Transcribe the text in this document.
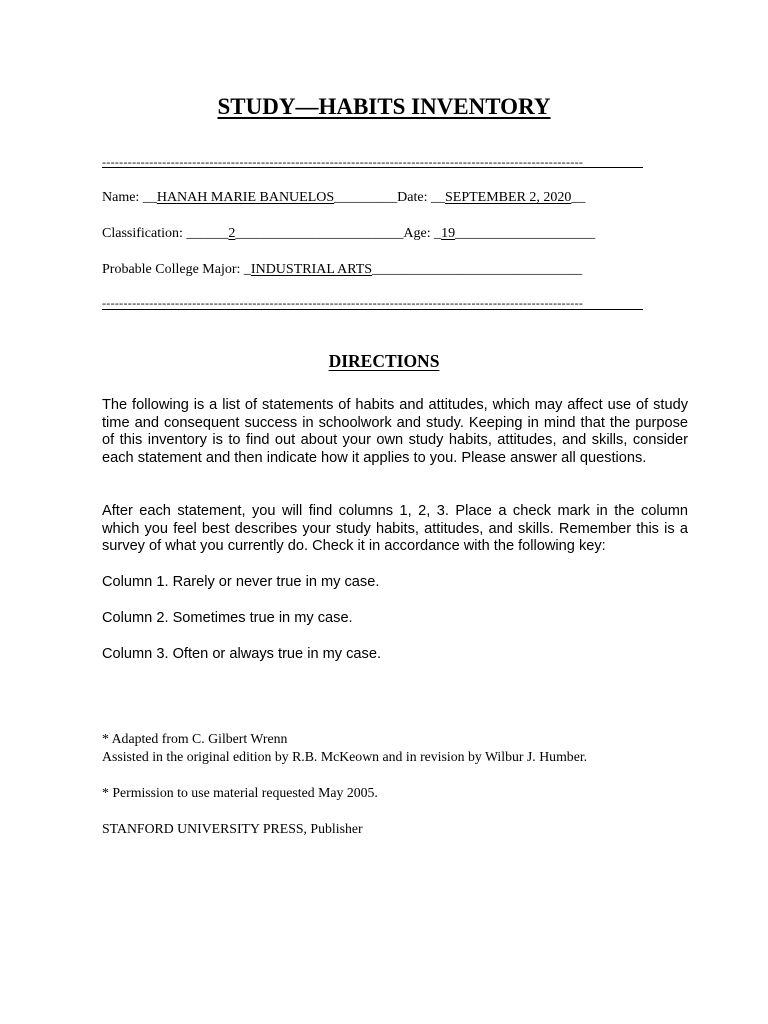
STUDY—HABITS INVENTORY
----------------------------------------------------------------------------------------------------------------
Name: __HANAH MARIE BANUELOS_________Date: __SEPTEMBER 2, 2020__
Classification: ______2________________________Age: _19____________________
Probable College Major: _INDUSTRIAL ARTS______________________________
----------------------------------------------------------------------------------------------------------------
DIRECTIONS
The following is a list of statements of habits and attitudes, which may affect use of study time and consequent success in schoolwork and study. Keeping in mind that the purpose of this inventory is to find out about your own study habits, attitudes, and skills, consider each statement and then indicate how it applies to you. Please answer all questions.
After each statement, you will find columns 1, 2, 3. Place a check mark in the column which you feel best describes your study habits, attitudes, and skills. Remember this is a survey of what you currently do. Check it in accordance with the following key:
Column 1. Rarely or never true in my case.
Column 2. Sometimes true in my case.
Column 3. Often or always true in my case.
* Adapted from C. Gilbert Wrenn
Assisted in the original edition by R.B. McKeown and in revision by Wilbur J. Humber.
* Permission to use material requested May 2005.
STANFORD UNIVERSITY PRESS, Publisher
